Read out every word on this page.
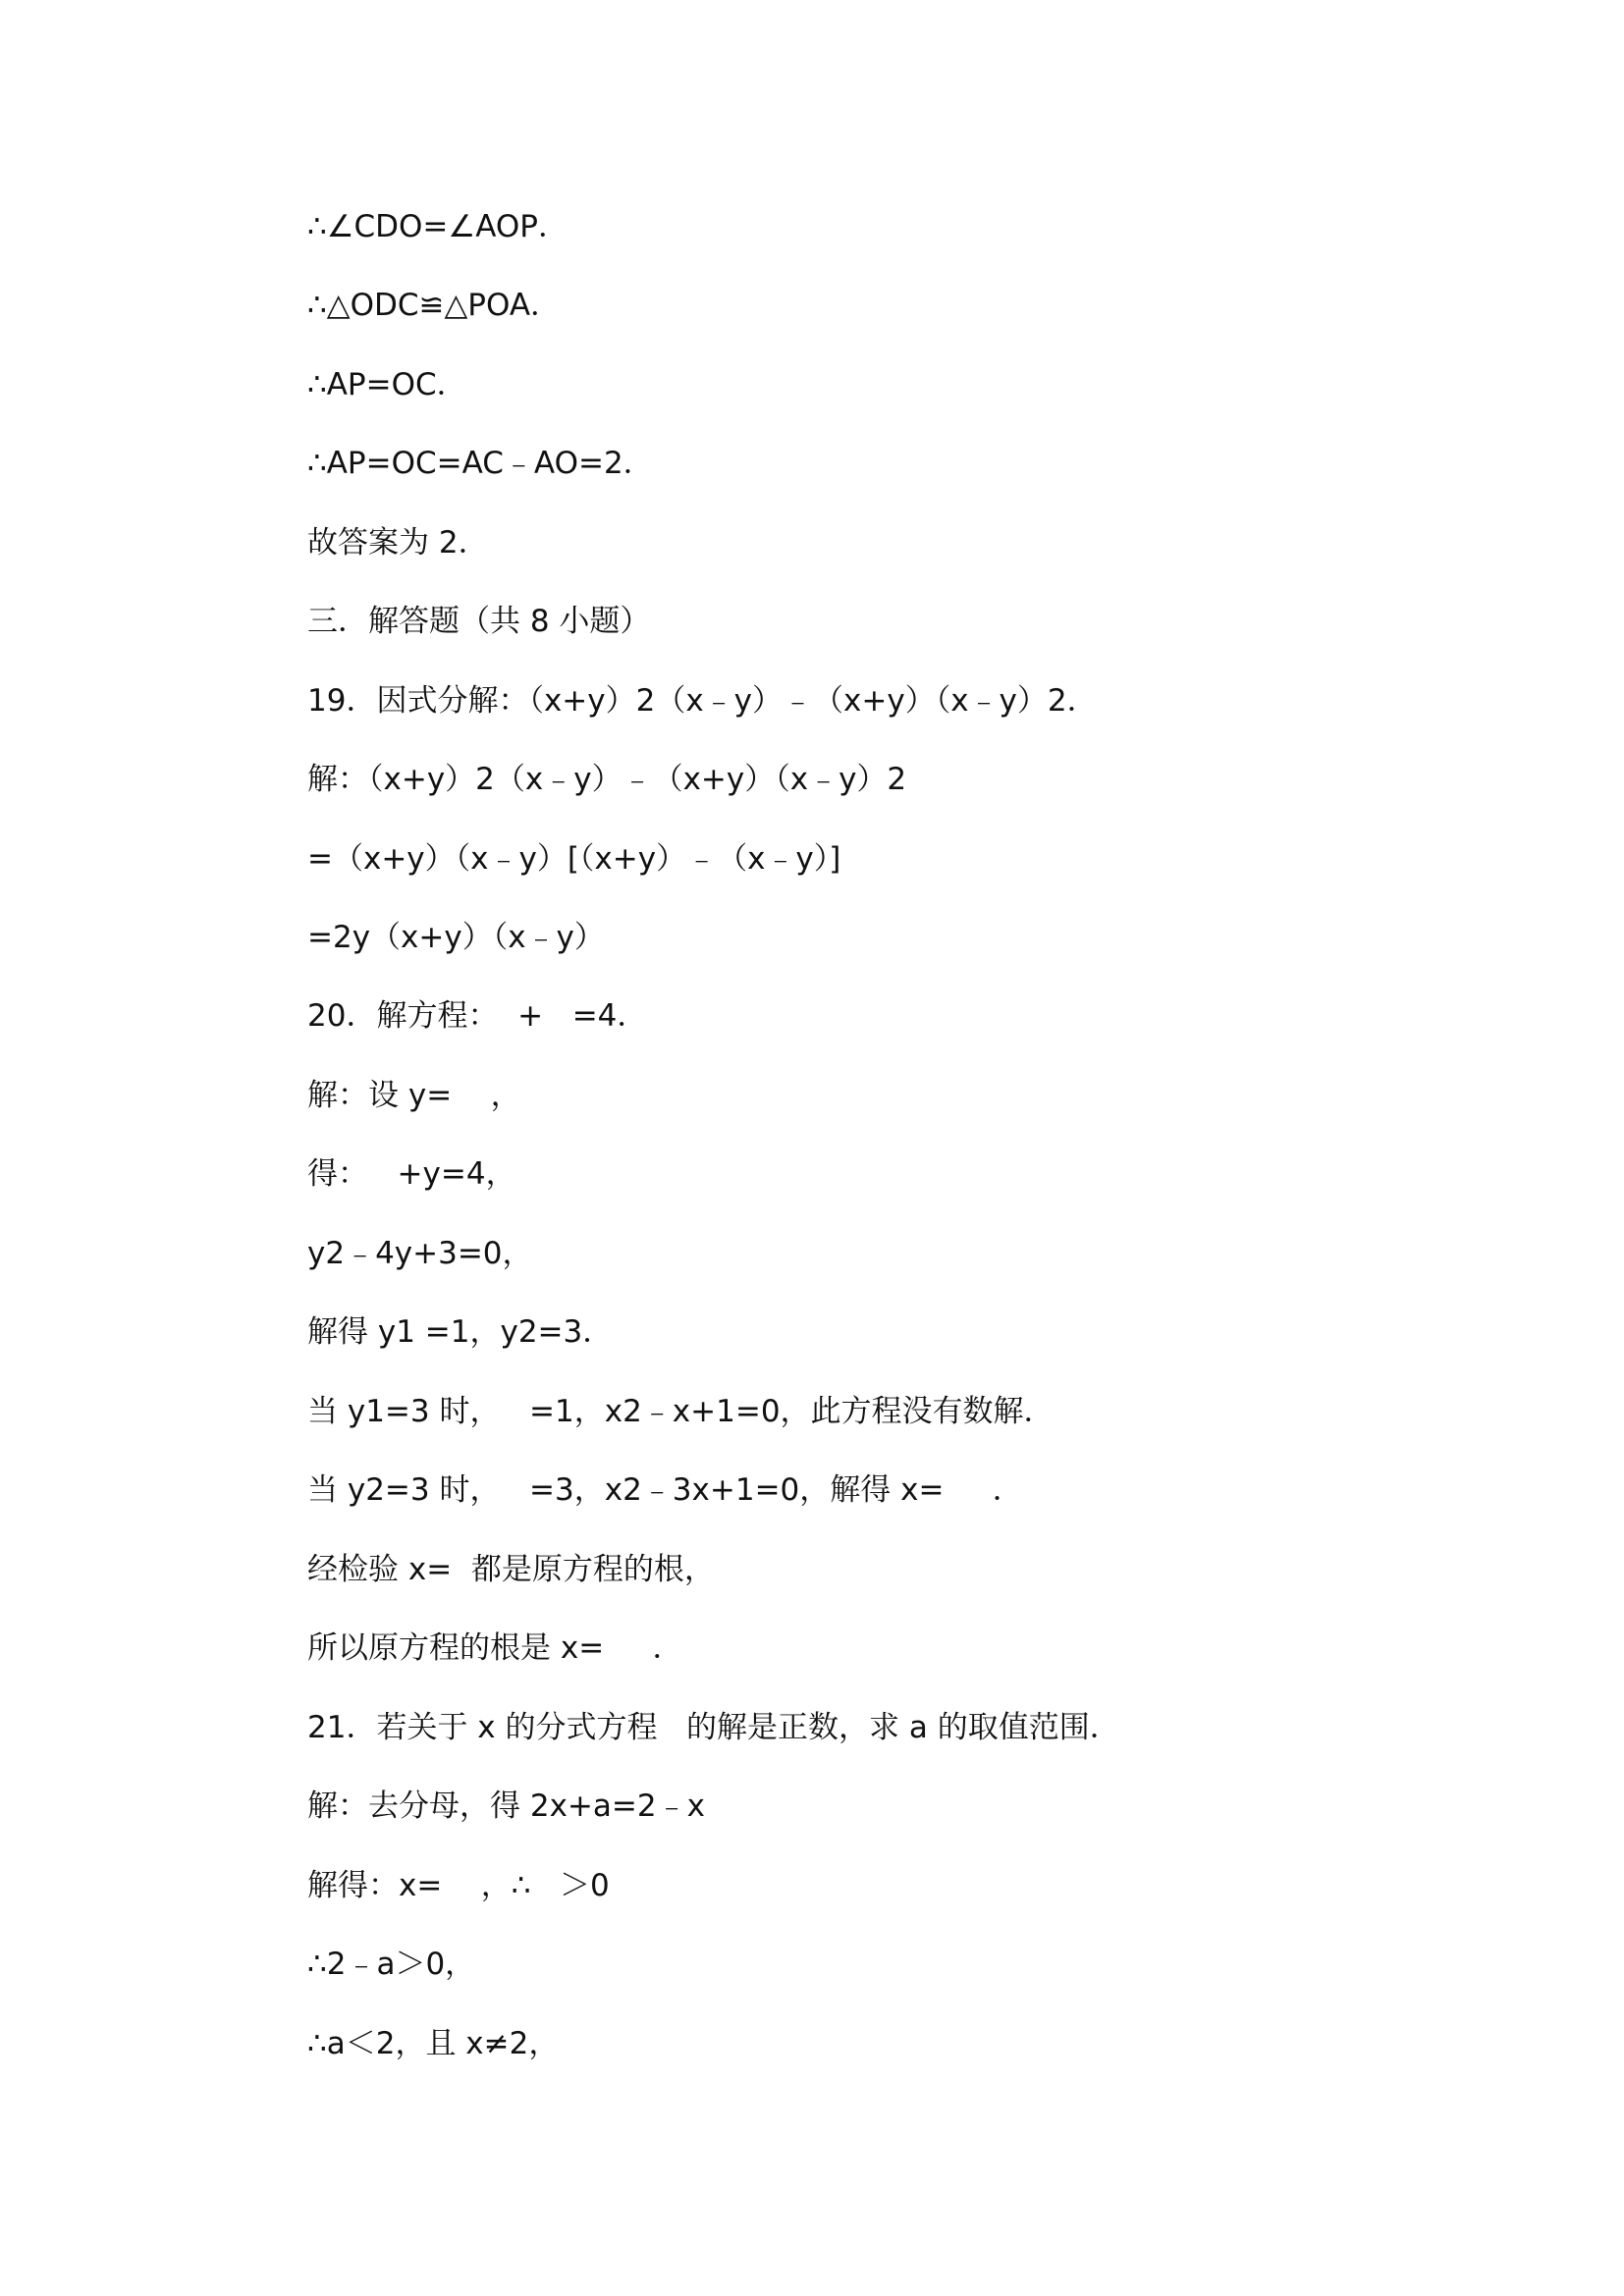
∴∠CDO=∠AOP．
∴△ODC≌△POA．
∴AP=OC．
∴AP=OC=AC﹣AO=2．
故答案为 2．
三．解答题（共 8 小题）
19．因式分解：（x+y）2（x﹣y）﹣（x+y）（x﹣y）2．
解：（x+y）2（x﹣y）﹣（x+y）（x﹣y）2
=（x+y）（x﹣y）[（x+y）﹣（x﹣y）]
=2y（x+y）（x﹣y）
20．解方程：  +   =4．
解：设 y=    ，
得：   +y=4，
y2﹣4y+3=0，
解得 y1 =1，y2=3．
当 y1=3 时，   =1，x2﹣x+1=0，此方程没有数解．
当 y2=3 时，   =3，x2﹣3x+1=0，解得 x=     ．
经检验 x=  都是原方程的根，
所以原方程的根是 x=     ．
21．若关于 x 的分式方程   的解是正数，求 a 的取值范围．
解：去分母，得 2x+a=2﹣x
解得：x=    ，∴   ＞0
∴2﹣a＞0，
∴a＜2，且 x≠2，
